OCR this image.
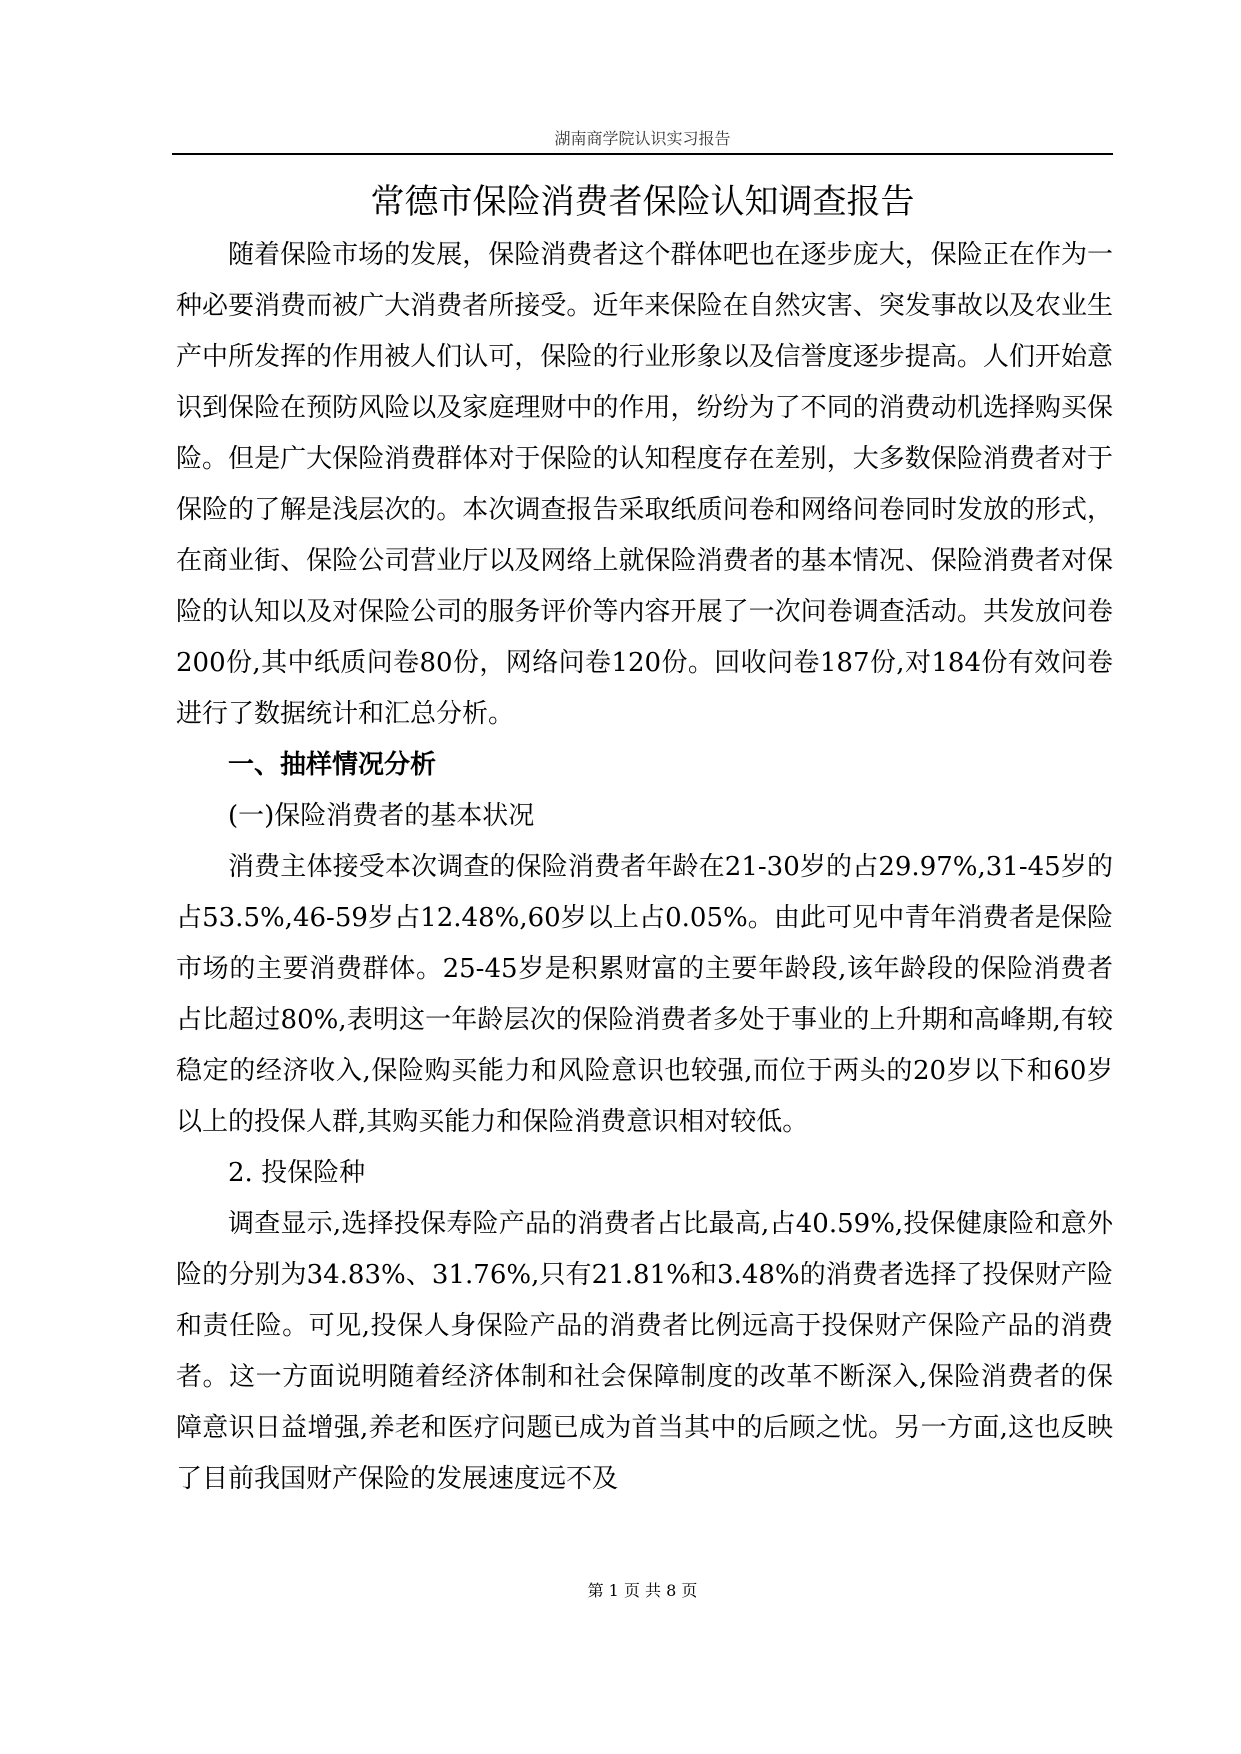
湖南商学院认识实习报告
常德市保险消费者保险认知调查报告

随着保险市场的发展，保险消费者这个群体吧也在逐步庞大，保险正在作为一种必要消费而被广大消费者所接受。近年来保险在自然灾害、突发事故以及农业生产中所发挥的作用被人们认可，保险的行业形象以及信誉度逐步提高。人们开始意识到保险在预防风险以及家庭理财中的作用，纷纷为了不同的消费动机选择购买保险。但是广大保险消费群体对于保险的认知程度存在差别，大多数保险消费者对于保险的了解是浅层次的。本次调查报告采取纸质问卷和网络问卷同时发放的形式，在商业街、保险公司营业厅以及网络上就保险消费者的基本情况、保险消费者对保险的认知以及对保险公司的服务评价等内容开展了一次问卷调查活动。共发放问卷200份,其中纸质问卷80份，网络问卷120份。回收问卷187份,对184份有效问卷进行了数据统计和汇总分析。

一、抽样情况分析

(一)保险消费者的基本状况

消费主体接受本次调查的保险消费者年龄在21-30岁的占29.97%,31-45岁的占53.5%,46-59岁占12.48%,60岁以上占0.05%。由此可见中青年消费者是保险市场的主要消费群体。25-45岁是积累财富的主要年龄段,该年龄段的保险消费者占比超过80%,表明这一年龄层次的保险消费者多处于事业的上升期和高峰期,有较稳定的经济收入,保险购买能力和风险意识也较强,而位于两头的20岁以下和60岁以上的投保人群,其购买能力和保险消费意识相对较低。

2. 投保险种

调查显示,选择投保寿险产品的消费者占比最高,占40.59%,投保健康险和意外险的分别为34.83%、31.76%,只有21.81%和3.48%的消费者选择了投保财产险和责任险。可见,投保人身保险产品的消费者比例远高于投保财产保险产品的消费者。这一方面说明随着经济体制和社会保障制度的改革不断深入,保险消费者的保障意识日益增强,养老和医疗问题已成为首当其中的后顾之忧。另一方面,这也反映了目前我国财产保险的发展速度远不及

第 1 页 共 8 页
